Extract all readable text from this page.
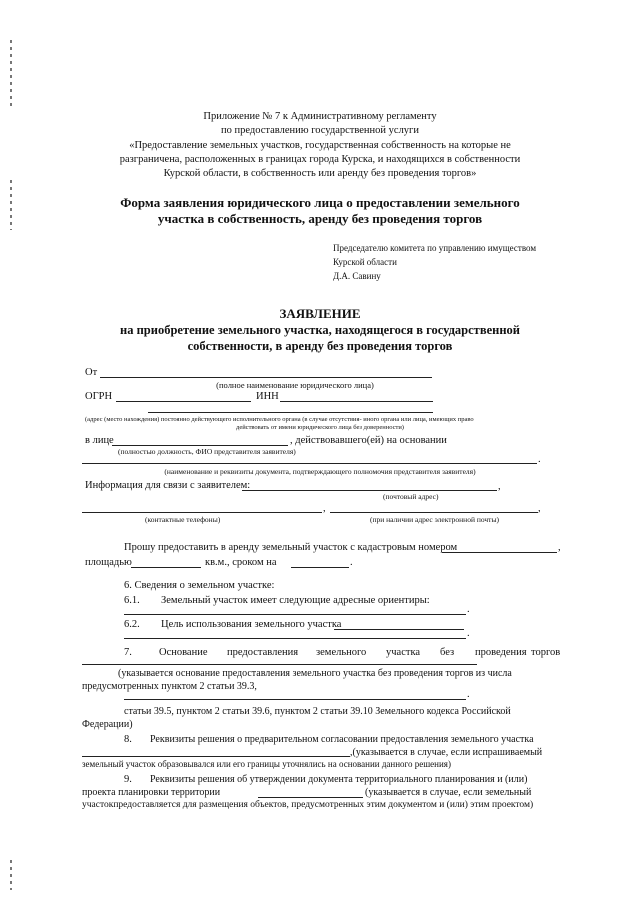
Приложение № 7 к Административному регламенту
по предоставлению государственной услуги
«Предоставление земельных участков, государственная собственность на которые не
разграничена, расположенных в границах города Курска, и находящихся в собственности
Курской области, в собственность или аренду без проведения торгов»
Форма заявления юридического лица о предоставлении земельного
участка в собственность, аренду без проведения торгов
Председателю комитета по управлению имуществом
Курской области
Д.А. Савину
ЗАЯВЛЕНИЕ
на приобретение земельного участка, находящегося в государственной
собственности, в аренду без проведения торгов
От
(полное наименование юридического лица)
ОГРН	ИНН
(адрес (место нахождения) постоянно действующего исполнительного органа (в случае отсутствия- иного органа или лица, имеющих право
действовать от имени юридического лица без доверенности)
в лице	, действовавшего(ей) на основании
(полностью должность, ФИО представителя заявителя)
.
(наименование и реквизиты документа, подтверждающего полномочия представителя заявителя)
Информация для связи с заявителем:	,
(почтовый адрес)
,	,
(контактные телефоны)	(при наличии адрес электронной почты)
Прошу предоставить в аренду земельный участок с кадастровым номером	,
площадью	кв.м., сроком на	.
6. Сведения о земельном участке:
6.1. Земельный участок имеет следующие адресные ориентиры:
.
6.2. Цель использования земельного участка
.
7.	Основание предоставления земельного участка без проведения торгов
(указывается основание предоставления земельного участка без проведения торгов из числа
предусмотренных пунктом 2 статьи 39.3,
.
статьи 39.5, пунктом 2 статьи 39.6, пунктом 2 статьи 39.10 Земельного кодекса Российской
Федерации)
8. Реквизиты решения о предварительном согласовании предоставления земельного участка
,(указывается в случае, если испрашиваемый
земельный участок образовывался или его границы уточнялись на основании данного решения)
9. Реквизиты решения об утверждении документа территориального планирования и (или)
проекта планировки территории	(указывается в случае, если земельный
участокпредоставляется для размещения объектов, предусмотренных этим документом и (или) этим проектом)
